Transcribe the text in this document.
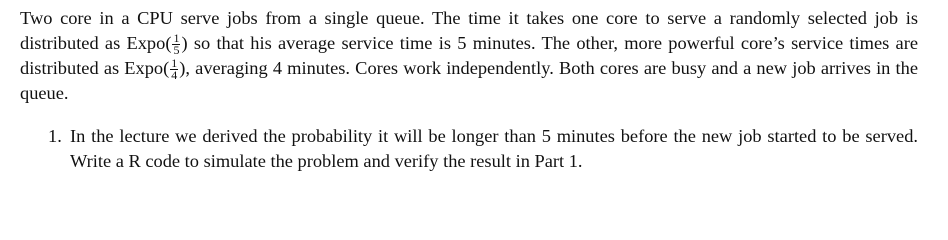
Two core in a CPU serve jobs from a single queue. The time it takes one core to serve a randomly selected job is distributed as Expo( $\frac{1}{5}$ ) so that his average service time is 5 minutes. The other, more powerful core’s service times are distributed as Expo( $\frac{1}{4}$ ), averaging 4 minutes. Cores work independently. Both cores are busy and a new job arrives in the queue.

1. In the lecture we derived the probability it will be longer than 5 minutes before the new job started to be served. Write a R code to simulate the problem and verify the result in Part 1.
